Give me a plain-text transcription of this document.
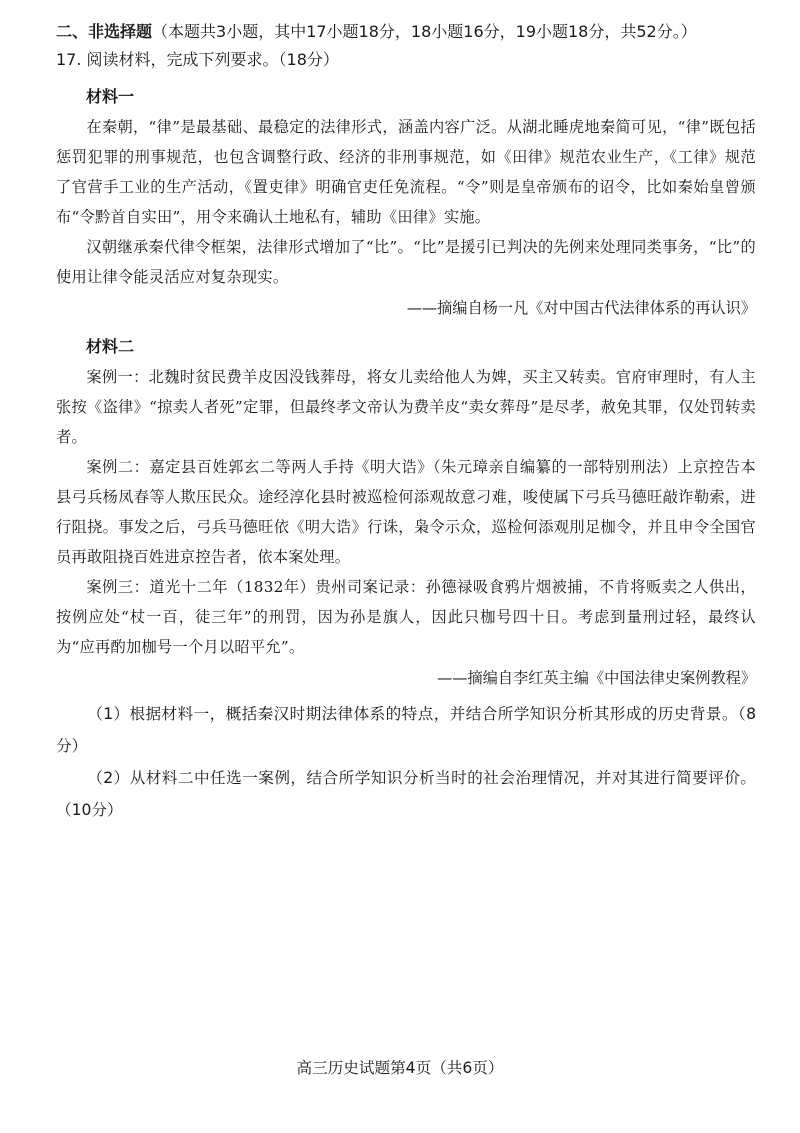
二、非选择题（本题共3小题，其中17小题18分，18小题16分，19小题18分，共52分。）
17. 阅读材料，完成下列要求。（18分）
材料一

在秦朝，“律”是最基础、最稳定的法律形式，涵盖内容广泛。从湖北睡虎地秦简可见，“律”既包括惩罚犯罪的刑事规范，也包含调整行政、经济的非刑事规范，如《田律》规范农业生产，《工律》规范了官营手工业的生产活动，《置吏律》明确官吏任免流程。“令”则是皇帝颁布的诏令，比如秦始皇曾颁布“令黔首自实田”，用令来确认土地私有，辅助《田律》实施。

汉朝继承秦代律令框架，法律形式增加了“比”。“比”是援引已判决的先例来处理同类事务，“比”的使用让律令能灵活应对复杂现实。

——摘编自杨一凡《对中国古代法律体系的再认识》

材料二

案例一：北魏时贫民费羊皮因没钱葬母，将女儿卖给他人为婢，买主又转卖。官府审理时，有人主张按《盗律》“掠卖人者死”定罪，但最终孝文帝认为费羊皮“卖女葬母”是尽孝，赦免其罪，仅处罚转卖者。

案例二：嘉定县百姓郭玄二等两人手持《明大诰》（朱元璋亲自编纂的一部特别刑法）上京控告本县弓兵杨凤春等人欺压民众。途经淳化县时被巡检何添观故意刁难，唆使属下弓兵马德旺敲诈勒索，进行阻挠。事发之后，弓兵马德旺依《明大诰》行诛，枭令示众，巡检何添观刖足枷令，并且申令全国官员再敢阻挠百姓进京控告者，依本案处理。

案例三：道光十二年（1832年）贵州司案记录：孙德禄吸食鸦片烟被捕，不肯将贩卖之人供出，按例应处“杖一百，徒三年”的刑罚，因为孙是旗人，因此只枷号四十日。考虑到量刑过轻，最终认为“应再酌加枷号一个月以昭平允”。

——摘编自李红英主编《中国法律史案例教程》

（1）根据材料一，概括秦汉时期法律体系的特点，并结合所学知识分析其形成的历史背景。（8分）

（2）从材料二中任选一案例，结合所学知识分析当时的社会治理情况，并对其进行简要评价。（10分）

高三历史试题第4页（共6页）
